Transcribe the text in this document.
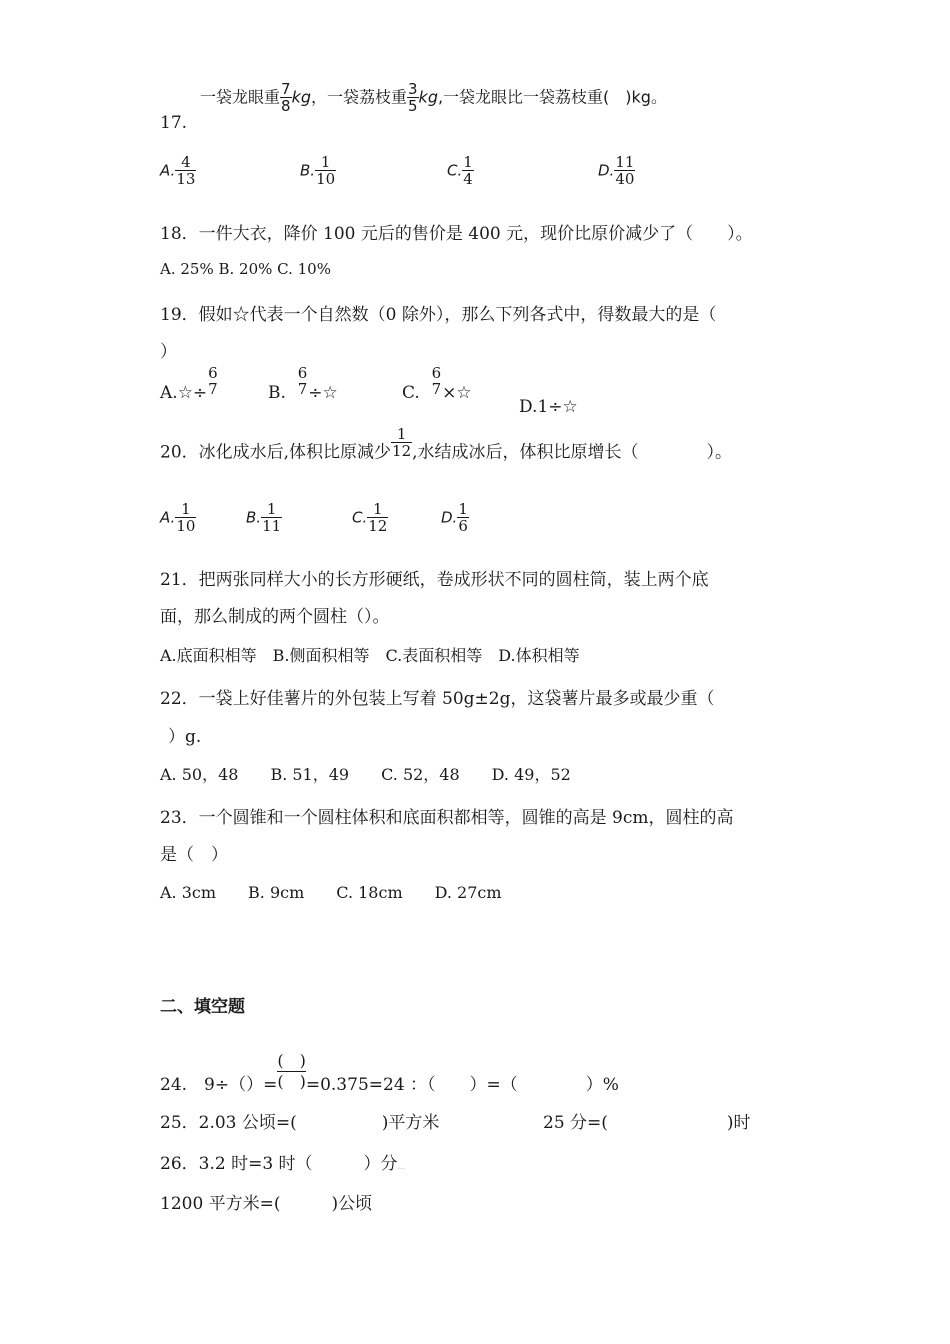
一袋龙眼重 $\frac{7}{8}$ kg，一袋荔枝重 $\frac{3}{5}$ kg,一袋龙眼比一袋荔枝重(　)kg。
17.
A. $\frac{4}{13}$	B. $\frac{1}{10}$	C. $\frac{1}{4}$	D. $\frac{11}{40}$
18．一件大衣，降价 100 元后的售价是 400 元，现价比原价减少了（　　）。
A. 25% B. 20% C. 10%
19．假如☆代表一个自然数（0 除外），那么下列各式中，得数最大的是（
）
A.☆÷
6
7	B.
6
7 ÷☆	C.
6
7 ×☆
D.1÷☆
20．冰化成水后,体积比原减少 $\frac{1}{12}$ ,水结成冰后，体积比原增长（　　　　）。
A. $\frac{1}{10}$	B. $\frac{1}{11}$	C. $\frac{1}{12}$	D. $\frac{1}{6}$
21．把两张同样大小的长方形硬纸，卷成形状不同的圆柱筒，装上两个底
面，那么制成的两个圆柱（）。
A.底面积相等　B.侧面积相等　C.表面积相等　D.体积相等
22．一袋上好佳薯片的外包装上写着 50g±2g，这袋薯片最多或最少重（
）g.
A. 50，48　　B. 51，49　　C. 52，48　　D. 49，52
23．一个圆锥和一个圆柱体积和底面积都相等，圆锥的高是 9cm，圆柱的高
是（　）
A. 3cm　　B. 9cm　　C. 18cm　　D. 27cm
二、填空题
24.　$9\div()= \frac{( )}{( )} =0.375=24$ ：（　　）=（　　　　）%
25．2.03 公顷=(　　　　　)平方米	25 分=(　　　　　　　)时
26．3.2 时=3 时（　　　）分...
1200 平方米=(　　　)公顷
